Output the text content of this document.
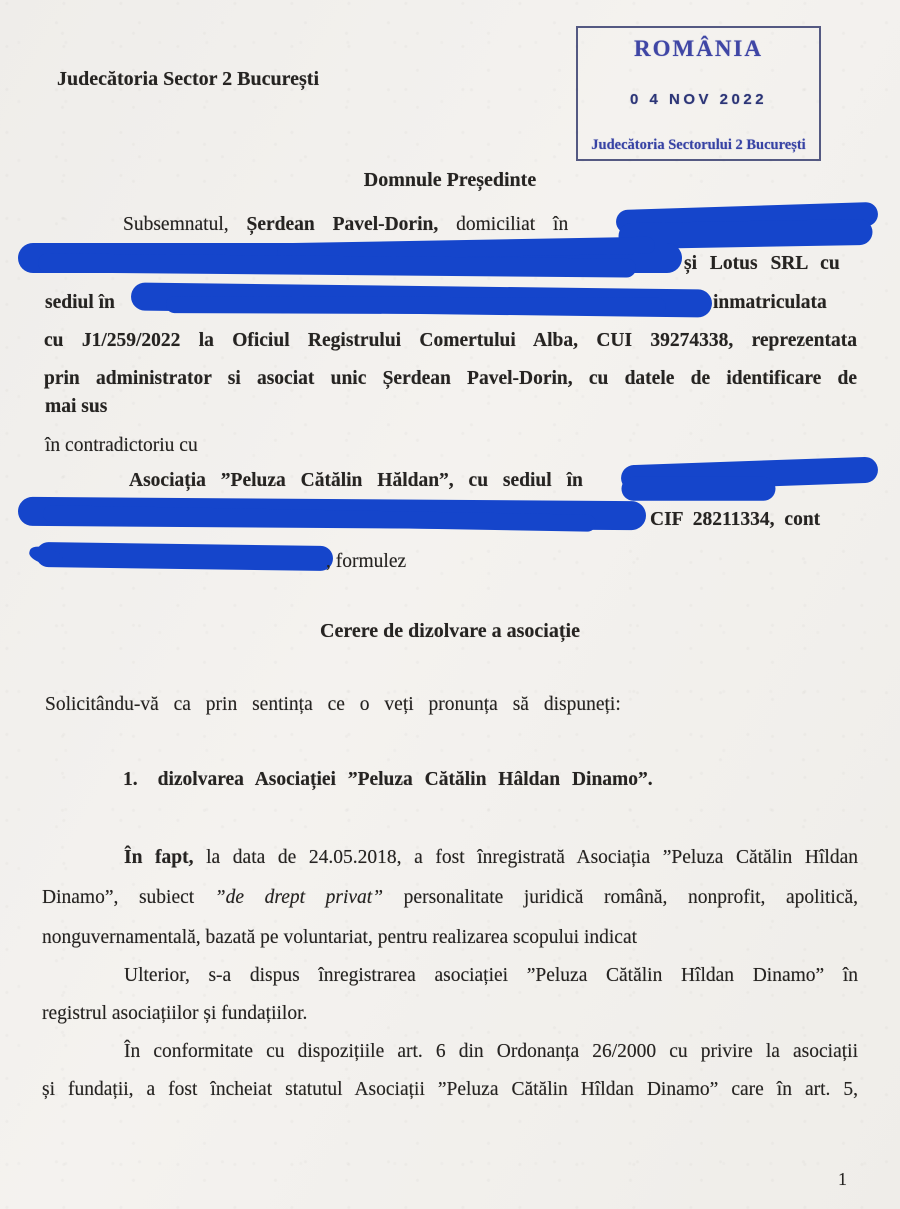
Judecătoria Sector 2 București
ROMÂNIA
0 4 NOV 2022
Judecătoria Sectorului 2 București
Domnule Președinte
Subsemnatul, Șerdean Pavel-Dorin, domiciliat în
și Lotus SRL cu
sediul în	inmatriculata
cu J1/259/2022 la Oficiul Registrului Comertului Alba, CUI 39274338, reprezentata
prin administrator si asociat unic Șerdean Pavel-Dorin, cu datele de identificare de
mai sus
în contradictoriu cu
Asociația ”Peluza Cătălin Hăldan”, cu sediul în
CIF 28211334, cont
, formulez
Cerere de dizolvare a asociație
Solicitându-vă ca prin sentința ce o veți pronunța să dispuneți:
1. dizolvarea Asociației ”Peluza Cătălin Hâldan Dinamo”.
În fapt, la data de 24.05.2018, a fost înregistrată Asociația ”Peluza Cătălin Hîldan
Dinamo”, subiect ”de drept privat” personalitate juridică română, nonprofit, apolitică,
nonguvernamentală, bazată pe voluntariat, pentru realizarea scopului indicat
Ulterior, s-a dispus înregistrarea asociației ”Peluza Cătălin Hîldan Dinamo” în
registrul asociațiilor și fundațiilor.
În conformitate cu dispozițiile art. 6 din Ordonanța 26/2000 cu privire la asociații
și fundații, a fost încheiat statutul Asociații ”Peluza Cătălin Hîldan Dinamo” care în art. 5,
1
